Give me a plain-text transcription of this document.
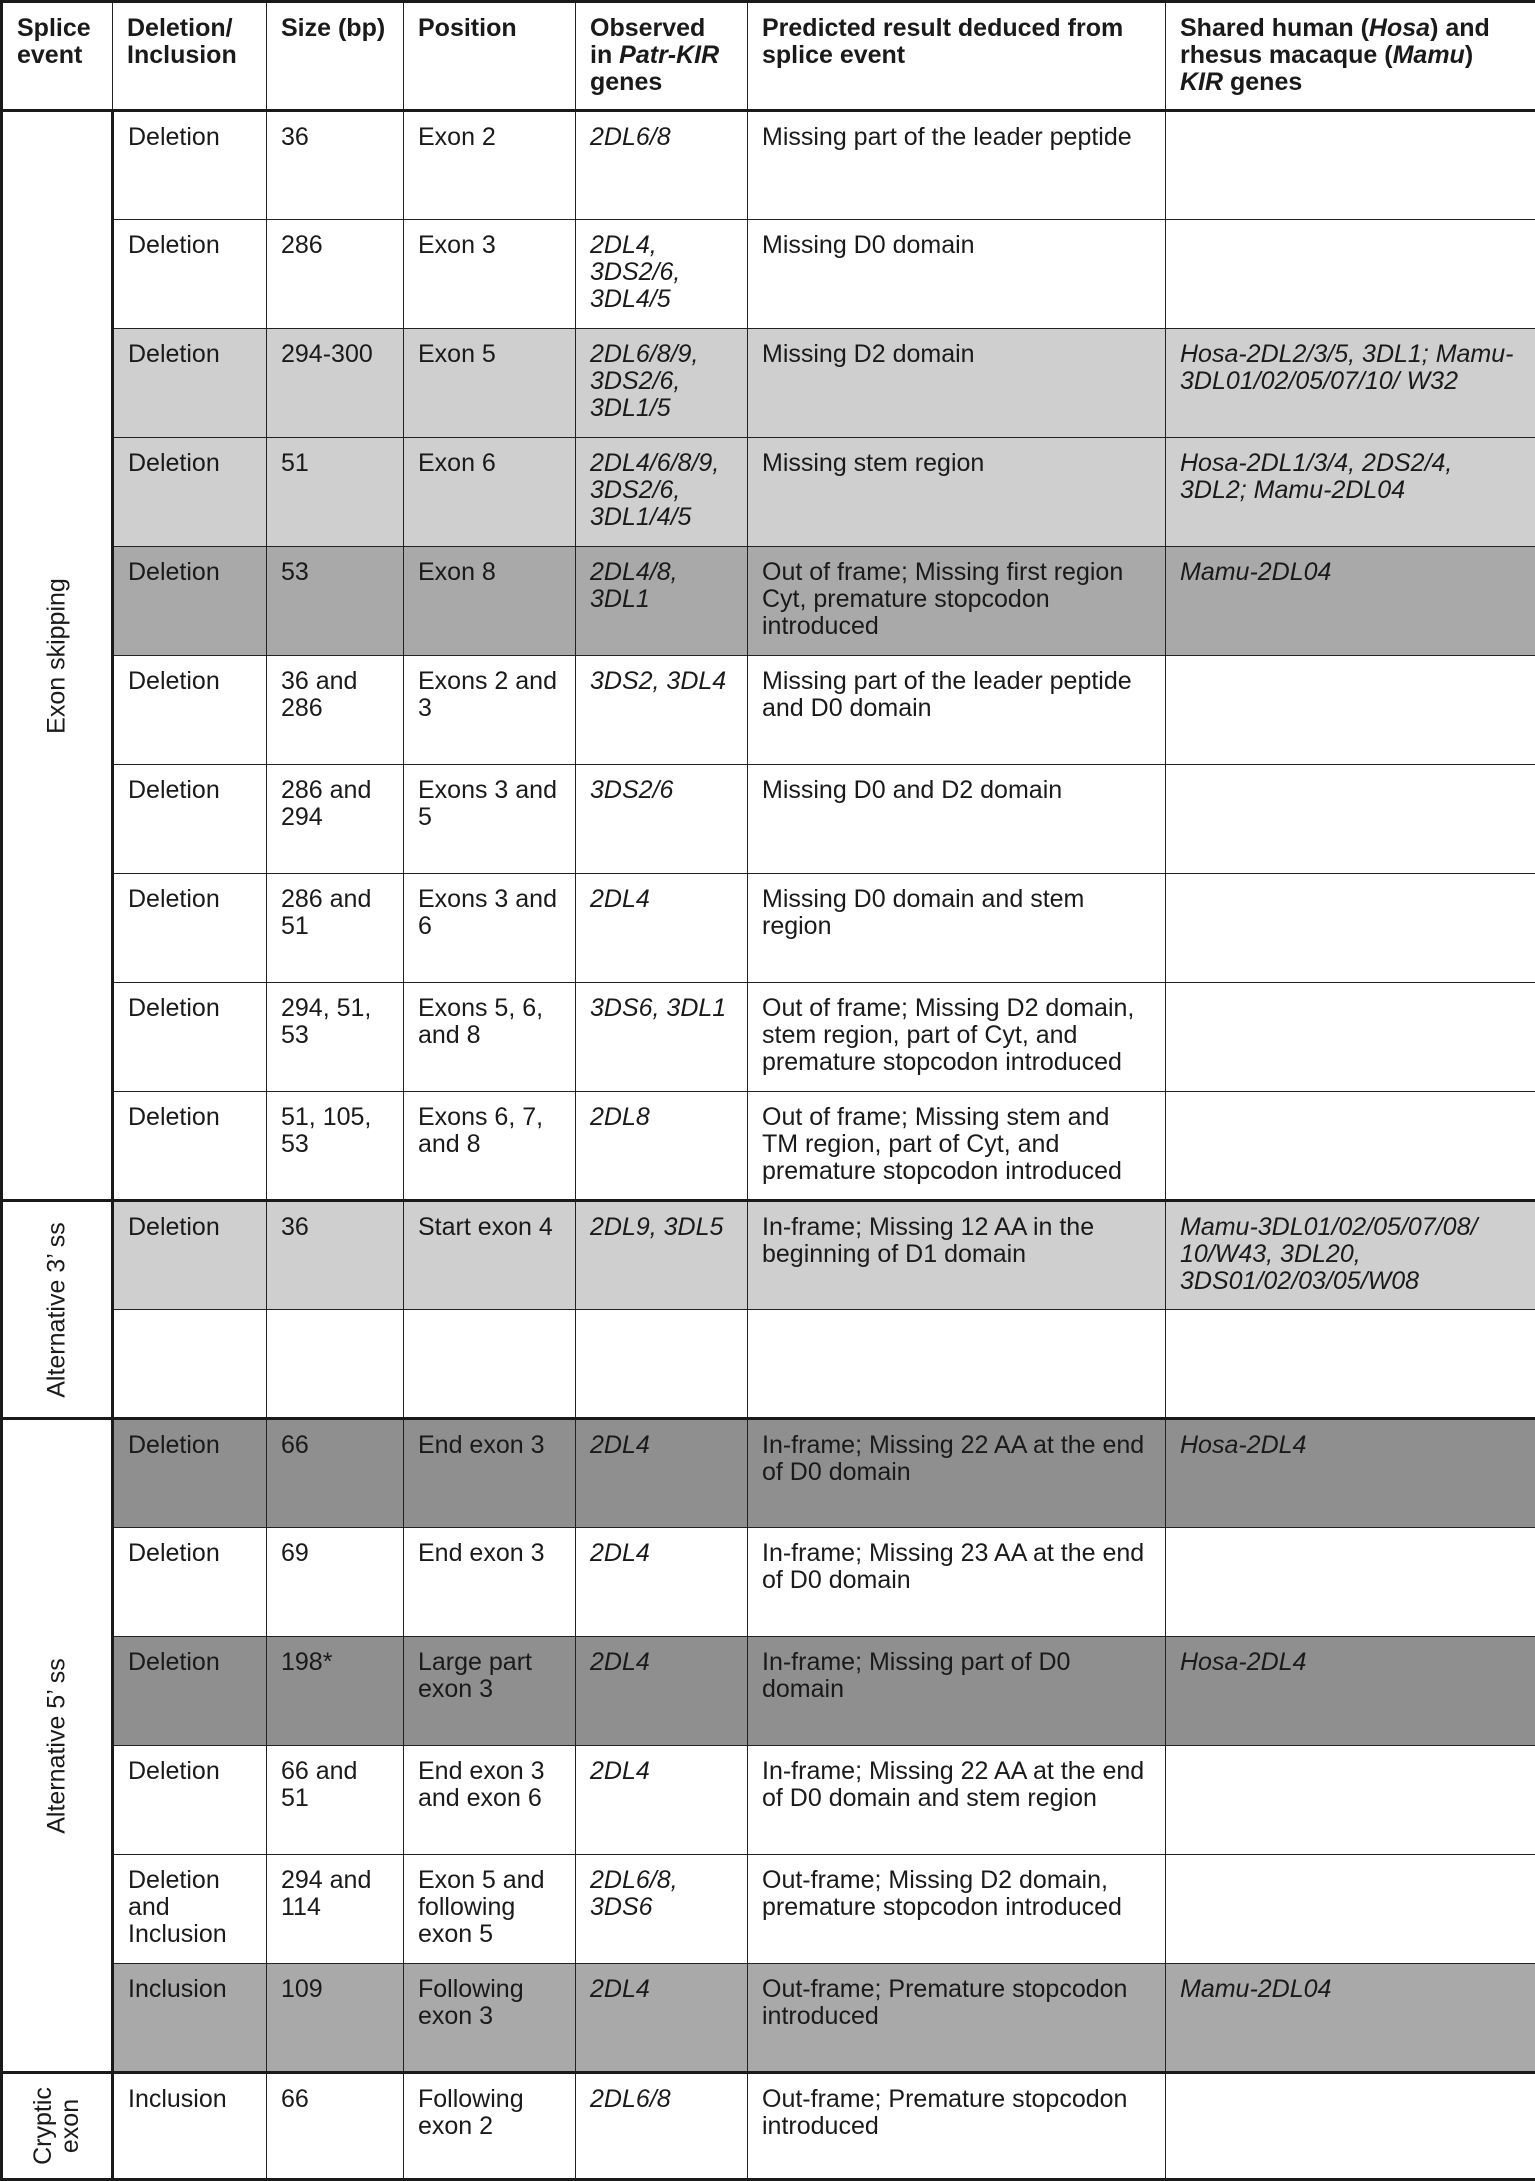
Splice event	Deletion/ Inclusion	Size (bp)	Position	Observed in Patr-KIR genes	Predicted result deduced from splice event	Shared human (Hosa) and rhesus macaque (Mamu) KIR genes

Exon skipping	Deletion	36	Exon 2	2DL6/8	Missing part of the leader peptide	
	Deletion	286	Exon 3	2DL4, 3DS2/6, 3DL4/5	Missing D0 domain	
	Deletion	294-300	Exon 5	2DL6/8/9, 3DS2/6, 3DL1/5	Missing D2 domain	Hosa-2DL2/3/5, 3DL1; Mamu-3DL01/02/05/07/10/ W32
	Deletion	51	Exon 6	2DL4/6/8/9, 3DS2/6, 3DL1/4/5	Missing stem region	Hosa-2DL1/3/4, 2DS2/4, 3DL2; Mamu-2DL04
	Deletion	53	Exon 8	2DL4/8, 3DL1	Out of frame; Missing first region Cyt, premature stopcodon introduced	Mamu-2DL04
	Deletion	36 and 286	Exons 2 and 3	3DS2, 3DL4	Missing part of the leader peptide and D0 domain	
	Deletion	286 and 294	Exons 3 and 5	3DS2/6	Missing D0 and D2 domain	
	Deletion	286 and 51	Exons 3 and 6	2DL4	Missing D0 domain and stem region	
	Deletion	294, 51, 53	Exons 5, 6, and 8	3DS6, 3DL1	Out of frame; Missing D2 domain, stem region, part of Cyt, and premature stopcodon introduced	
	Deletion	51, 105, 53	Exons 6, 7, and 8	2DL8	Out of frame; Missing stem and TM region, part of Cyt, and premature stopcodon introduced	

Alternative 3’ ss	Deletion	36	Start exon 4	2DL9, 3DL5	In-frame; Missing 12 AA in the beginning of D1 domain	Mamu-3DL01/02/05/07/08/ 10/W43, 3DL20, 3DS01/02/03/05/W08

Alternative 5’ ss	Deletion	66	End exon 3	2DL4	In-frame; Missing 22 AA at the end of D0 domain	Hosa-2DL4
	Deletion	69	End exon 3	2DL4	In-frame; Missing 23 AA at the end of D0 domain	
	Deletion	198*	Large part exon 3	2DL4	In-frame; Missing part of D0 domain	Hosa-2DL4
	Deletion	66 and 51	End exon 3 and exon 6	2DL4	In-frame; Missing 22 AA at the end of D0 domain and stem region	
	Deletion and Inclusion	294 and 114	Exon 5 and following exon 5	2DL6/8, 3DS6	Out-frame; Missing D2 domain, premature stopcodon introduced	
	Inclusion	109	Following exon 3	2DL4	Out-frame; Premature stopcodon introduced	Mamu-2DL04

Cryptic exon	Inclusion	66	Following exon 2	2DL6/8	Out-frame; Premature stopcodon introduced	
